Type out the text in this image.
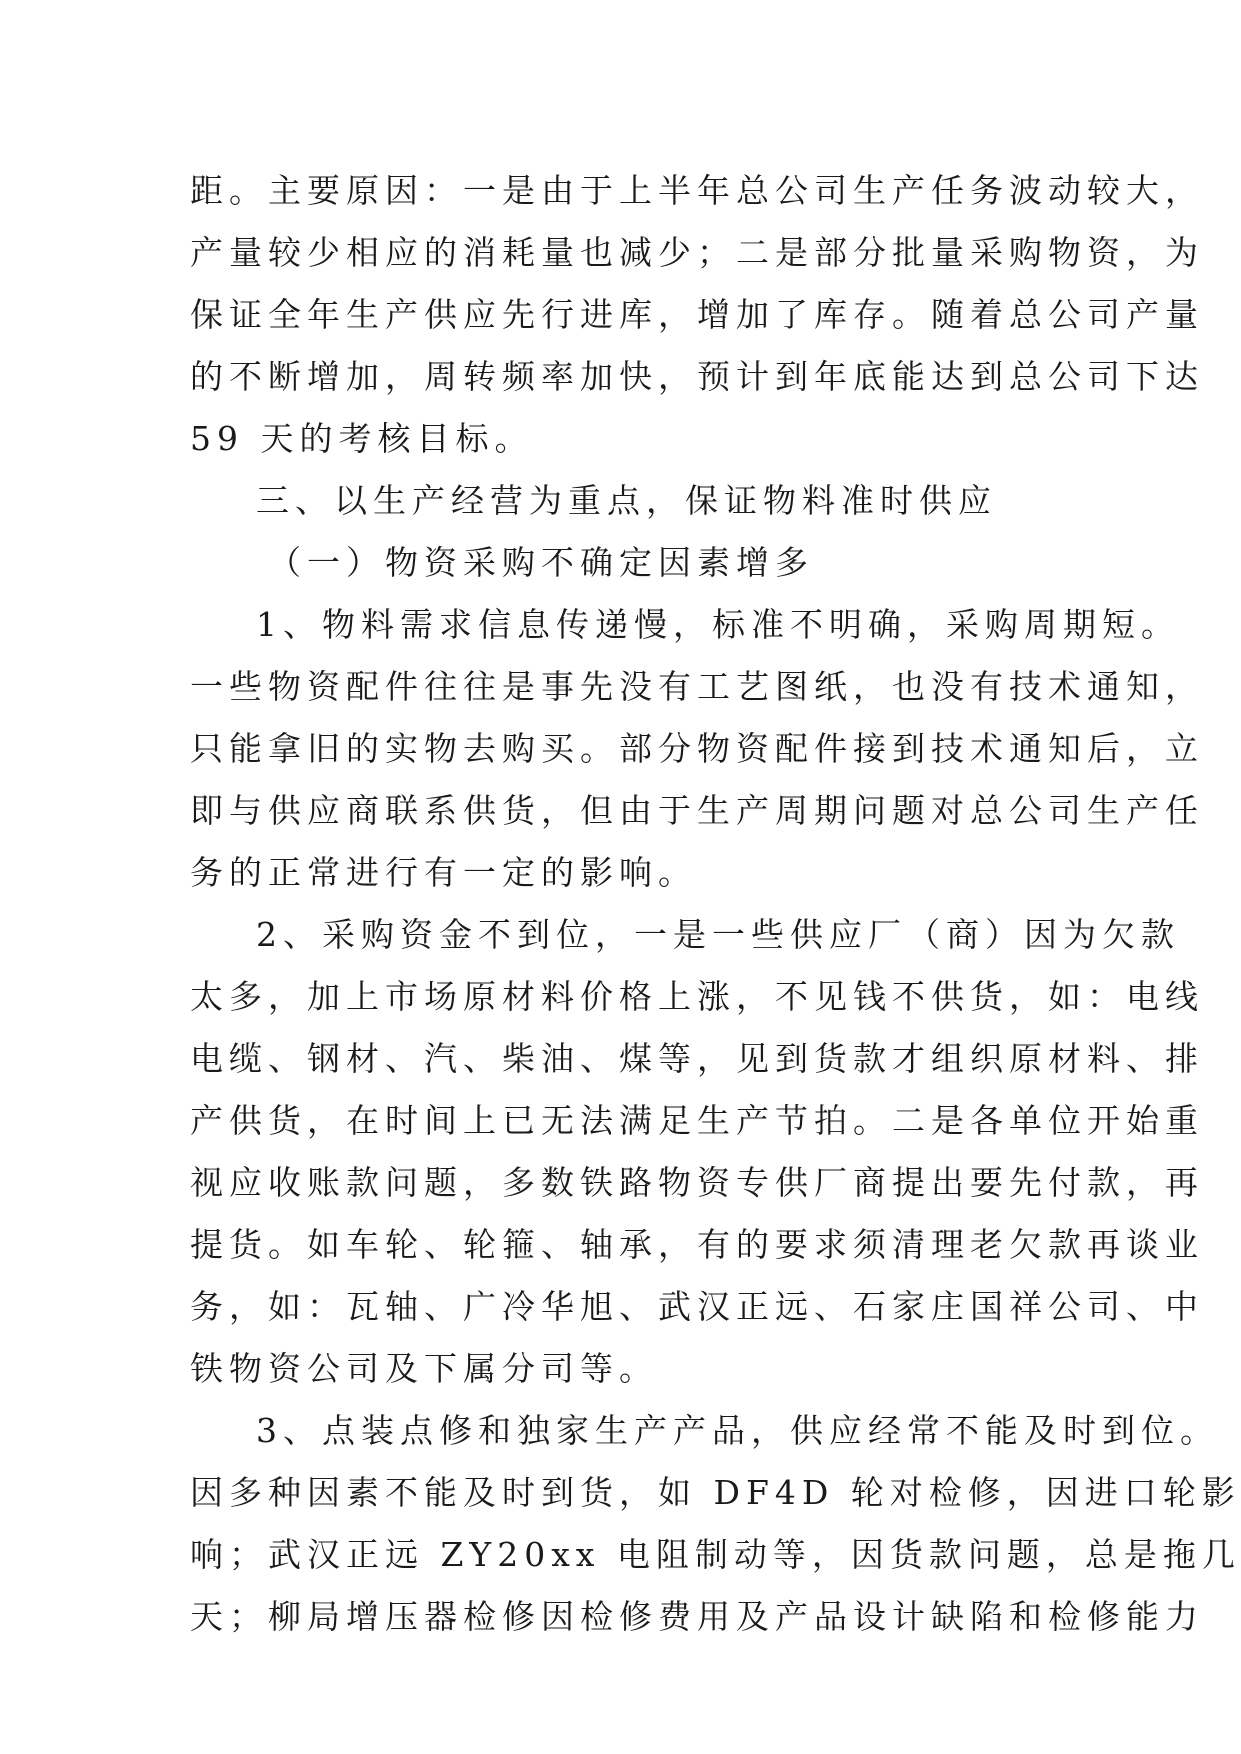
距。主要原因：一是由于上半年总公司生产任务波动较大，
产量较少相应的消耗量也减少；二是部分批量采购物资，为
保证全年生产供应先行进库，增加了库存。随着总公司产量
的不断增加，周转频率加快，预计到年底能达到总公司下达
59 天的考核目标。
三、以生产经营为重点，保证物料准时供应
（一）物资采购不确定因素增多
1、物料需求信息传递慢，标准不明确，采购周期短。
一些物资配件往往是事先没有工艺图纸，也没有技术通知，
只能拿旧的实物去购买。部分物资配件接到技术通知后，立
即与供应商联系供货，但由于生产周期问题对总公司生产任
务的正常进行有一定的影响。
2、采购资金不到位，一是一些供应厂（商）因为欠款
太多，加上市场原材料价格上涨，不见钱不供货，如：电线
电缆、钢材、汽、柴油、煤等，见到货款才组织原材料、排
产供货，在时间上已无法满足生产节拍。二是各单位开始重
视应收账款问题，多数铁路物资专供厂商提出要先付款，再
提货。如车轮、轮箍、轴承，有的要求须清理老欠款再谈业
务，如：瓦轴、广冷华旭、武汉正远、石家庄国祥公司、中
铁物资公司及下属分司等。
3、点装点修和独家生产产品，供应经常不能及时到位。
因多种因素不能及时到货，如 DF4D 轮对检修，因进口轮影
响；武汉正远 ZY20xx 电阻制动等，因货款问题，总是拖几
天；柳局增压器检修因检修费用及产品设计缺陷和检修能力
